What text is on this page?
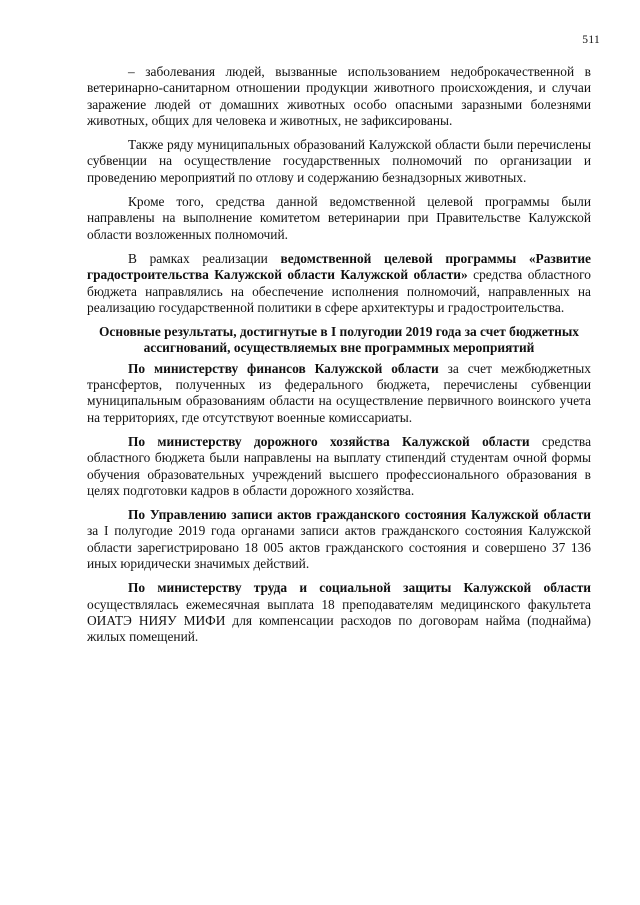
511

– заболевания людей, вызванные использованием недоброкачественной в ветеринарно-санитарном отношении продукции животного происхождения, и случаи заражение людей от домашних животных особо опасными заразными болезнями животных, общих для человека и животных, не зафиксированы.

Также ряду муниципальных образований Калужской области были перечислены субвенции на осуществление государственных полномочий по организации и проведению мероприятий по отлову и содержанию безнадзорных животных.

Кроме того, средства данной ведомственной целевой программы были направлены на выполнение комитетом ветеринарии при Правительстве Калужской области возложенных полномочий.

В рамках реализации ведомственной целевой программы «Развитие градостроительства Калужской области Калужской области» средства областного бюджета направлялись на обеспечение исполнения полномочий, направленных на реализацию государственной политики в сфере архитектуры и градостроительства.

Основные результаты, достигнутые в I полугодии 2019 года за счет бюджетных ассигнований, осуществляемых вне программных мероприятий

По министерству финансов Калужской области за счет межбюджетных трансфертов, полученных из федерального бюджета, перечислены субвенции муниципальным образованиям области на осуществление первичного воинского учета на территориях, где отсутствуют военные комиссариаты.

По министерству дорожного хозяйства Калужской области средства областного бюджета были направлены на выплату стипендий студентам очной формы обучения образовательных учреждений высшего профессионального образования в целях подготовки кадров в области дорожного хозяйства.

По Управлению записи актов гражданского состояния Калужской области за I полугодие 2019 года органами записи актов гражданского состояния Калужской области зарегистрировано 18 005 актов гражданского состояния и совершено 37 136 иных юридически значимых действий.

По министерству труда и социальной защиты Калужской области осуществлялась ежемесячная выплата 18 преподавателям медицинского факультета ОИАТЭ НИЯУ МИФИ для компенсации расходов по договорам найма (поднайма) жилых помещений.
